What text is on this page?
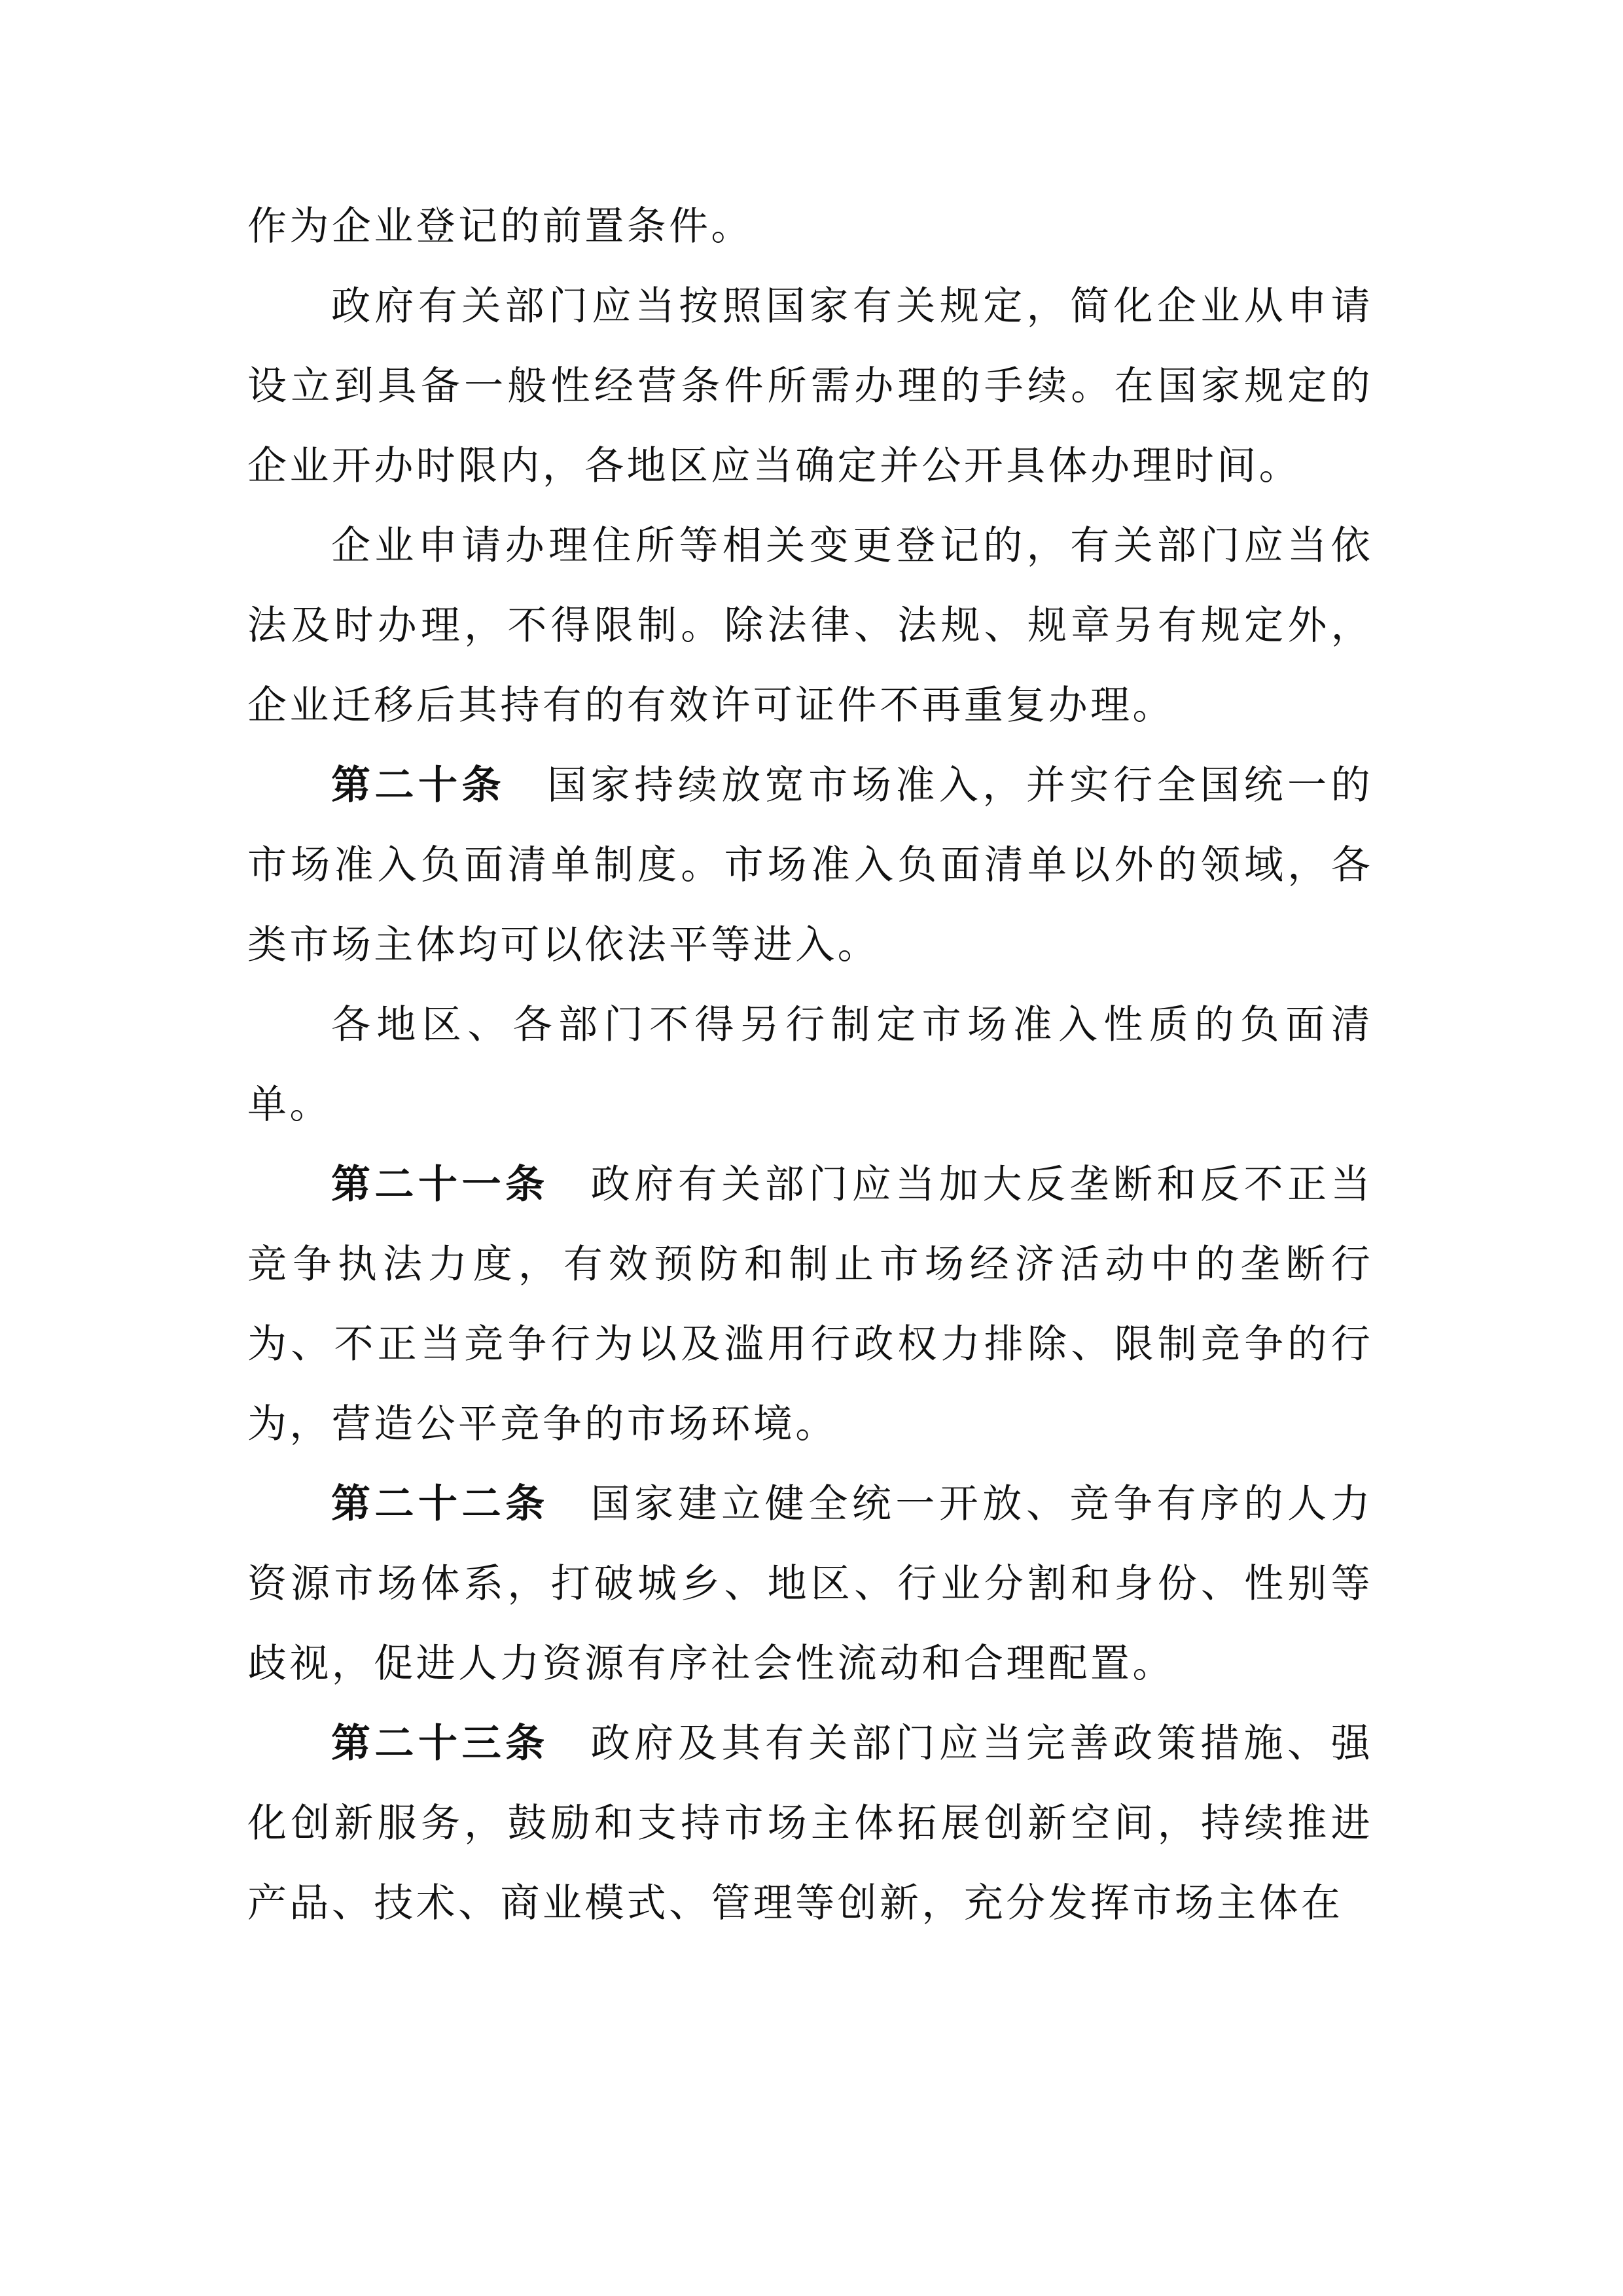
作为企业登记的前置条件。

政府有关部门应当按照国家有关规定，简化企业从申请设立到具备一般性经营条件所需办理的手续。在国家规定的企业开办时限内，各地区应当确定并公开具体办理时间。

企业申请办理住所等相关变更登记的，有关部门应当依法及时办理，不得限制。除法律、法规、规章另有规定外，企业迁移后其持有的有效许可证件不再重复办理。

第二十条 国家持续放宽市场准入，并实行全国统一的市场准入负面清单制度。市场准入负面清单以外的领域，各类市场主体均可以依法平等进入。

各地区、各部门不得另行制定市场准入性质的负面清单。

第二十一条 政府有关部门应当加大反垄断和反不正当竞争执法力度，有效预防和制止市场经济活动中的垄断行为、不正当竞争行为以及滥用行政权力排除、限制竞争的行为，营造公平竞争的市场环境。

第二十二条 国家建立健全统一开放、竞争有序的人力资源市场体系，打破城乡、地区、行业分割和身份、性别等歧视，促进人力资源有序社会性流动和合理配置。

第二十三条 政府及其有关部门应当完善政策措施、强化创新服务，鼓励和支持市场主体拓展创新空间，持续推进产品、技术、商业模式、管理等创新，充分发挥市场主体在
